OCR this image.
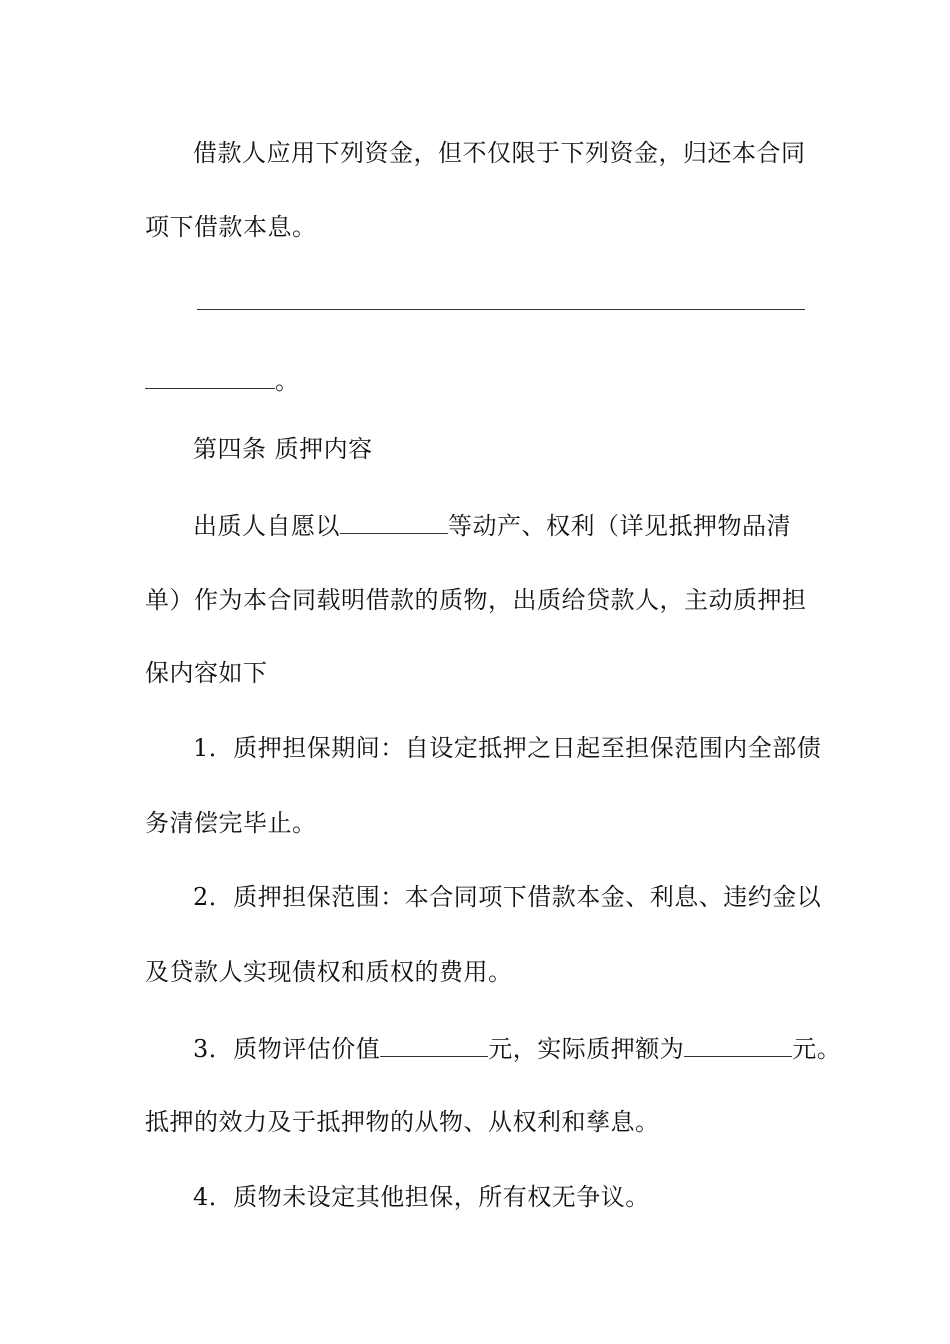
借款人应用下列资金，但不仅限于下列资金，归还本合同
项下借款本息。
。
第四条 质押内容
出质人自愿以	等动产、权利（详见抵押物品清
单）作为本合同载明借款的质物，出质给贷款人，主动质押担
保内容如下
1．质押担保期间：自设定抵押之日起至担保范围内全部债
务清偿完毕止。
2．质押担保范围：本合同项下借款本金、利息、违约金以
及贷款人实现债权和质权的费用。
3．质物评估价值	元，实际质押额为	元。
抵押的效力及于抵押物的从物、从权利和孳息。
4．质物未设定其他担保，所有权无争议。
